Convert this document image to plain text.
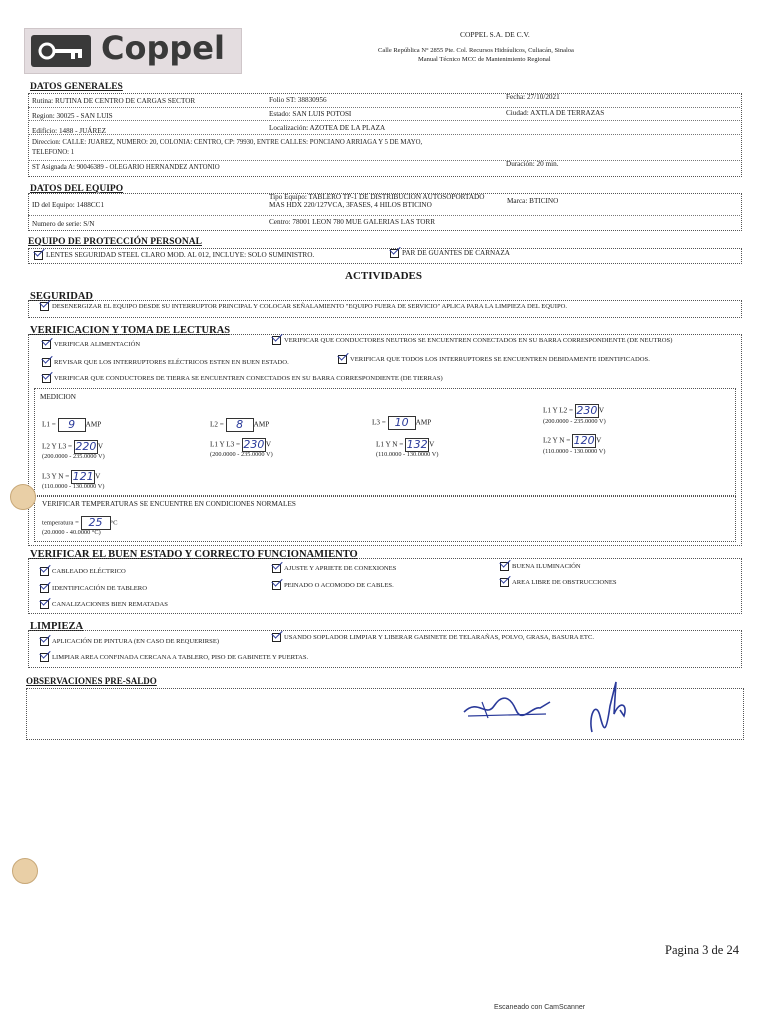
Coppel	COPPEL S.A. DE C.V.
Calle República N° 2855 Pte. Col. Recursos Hidráulicos, Culiacán, Sinaloa
Manual Técnico MCC de Mantenimiento Regional
DATOS GENERALES
Rutina: RUTINA DE CENTRO DE CARGAS SECTOR	Folio ST: 38830956	Fecha: 27/10/2021
Region: 30025 - SAN LUIS	Estado: SAN LUIS POTOSI	Ciudad: AXTLA DE TERRAZAS
Edificio: 1488 - JUÁREZ	Localización: AZOTEA DE LA PLAZA
Direccion: CALLE: JUAREZ, NUMERO: 20, COLONIA: CENTRO, CP: 79930, ENTRE CALLES: PONCIANO ARRIAGA Y 5 DE MAYO,
TELEFONO: 1
ST Asignada A: 90046389 - OLEGARIO HERNANDEZ ANTONIO	Duración: 20 min.
DATOS DEL EQUIPO
ID del Equipo: 1488CC1
Tipo Equipo: TABLERO TP-1 DE DISTRIBUCION AUTOSOPORTADO
MAS HDX 220/127VCA, 3FASES, 4 HILOS BTICINO	Marca: BTICINO
Numero de serie: S/N	Centro: 78001 LEON 780 MUE GALERIAS LAS TORR
EQUIPO DE PROTECCIÓN PERSONAL
LENTES SEGURIDAD STEEL CLARO MOD. AL 012, INCLUYE: SOLO SUMINISTRO.	PAR DE GUANTES DE CARNAZA
ACTIVIDADES
SEGURIDAD
DESENERGIZAR EL EQUIPO DESDE SU INTERRUPTOR PRINCIPAL Y COLOCAR SEÑALAMIENTO "EQUIPO FUERA DE SERVICIO" APLICA PARA LA LIMPIEZA DEL EQUIPO.
VERIFICACION Y TOMA DE LECTURAS
VERIFICAR ALIMENTACIÓN
VERIFICAR QUE CONDUCTORES NEUTROS SE ENCUENTREN CONECTADOS EN SU BARRA CORRESPONDIENTE (DE NEUTROS)
REVISAR QUE LOS INTERRUPTORES ELÉCTRICOS ESTEN EN BUEN ESTADO.	VERIFICAR QUE TODOS LOS INTERRUPTORES SE ENCUENTREN DEBIDAMENTE IDENTIFICADOS.
VERIFICAR QUE CONDUCTORES DE TIERRA SE ENCUENTREN CONECTADOS EN SU BARRA CORRESPONDIENTE (DE TIERRAS)
MEDICION
L1 = 9 AMP	L2 = 8 AMP	L3 = 10 AMP
L1 Y L2 = 230 V
(200.0000 - 235.0000 V)
L2 Y L3 = 220 V
(200.0000 - 235.0000 V)
L1 Y L3 = 230 V
(200.0000 - 235.0000 V)
L1 Y N = 132 V
(110.0000 - 130.0000 V)
L2 Y N = 120 V
(110.0000 - 130.0000 V)
L3 Y N = 121 V
(110.0000 - 130.0000 V)
VERIFICAR TEMPERATURAS SE ENCUENTRE EN CONDICIONES NORMALES
temperatura = 25 °C
(20.0000 - 40.0000 °C)
VERIFICAR EL BUEN ESTADO Y CORRECTO FUNCIONAMIENTO
CABLEADO ELÉCTRICO	AJUSTE Y APRIETE DE CONEXIONES	BUENA ILUMINACIÓN
IDENTIFICACIÓN DE TABLERO	PEINADO O ACOMODO DE CABLES.	AREA LIBRE DE OBSTRUCCIONES
CANALIZACIONES BIEN REMATADAS
LIMPIEZA
APLICACIÓN DE PINTURA (EN CASO DE REQUERIRSE)
USANDO SOPLADOR LIMPIAR Y LIBERAR GABINETE DE TELARAÑAS, POLVO, GRASA, BASURA ETC.
LIMPIAR AREA CONFINADA CERCANA A TABLERO, PISO DE GABINETE Y PUERTAS.
OBSERVACIONES PRE-SALDO
Pagina 3 de 24
Escaneado con CamScanner
